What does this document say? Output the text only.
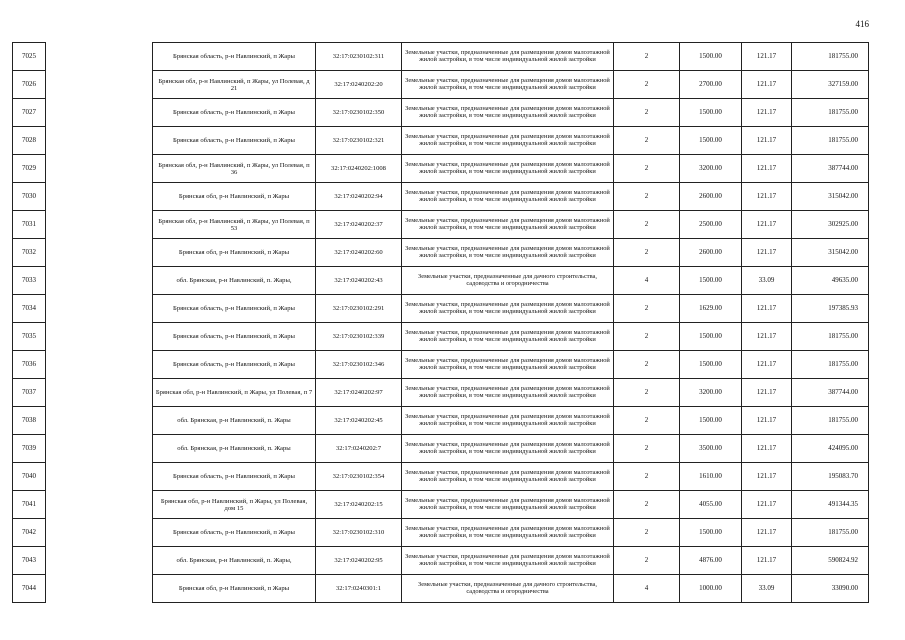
416
7025		Брянская область, р-н Навлинский, п Жары	32:17:0230102:311	Земельные участки, предназначенные для размещения домов малоэтажной жилой застройки, в том числе индивидуальной жилой застройки	2	1500.00	121.17	181755.00
7026		Брянская обл, р-н Навлинский, п Жары, ул Полевая, д 21	32:17:0240202:20	Земельные участки, предназначенные для размещения домов малоэтажной жилой застройки, в том числе индивидуальной жилой застройки	2	2700.00	121.17	327159.00
7027		Брянская область, р-н Навлинский, п Жары	32:17:0230102:350	Земельные участки, предназначенные для размещения домов малоэтажной жилой застройки, в том числе индивидуальной жилой застройки	2	1500.00	121.17	181755.00
7028		Брянская область, р-н Навлинский, п Жары	32:17:0230102:321	Земельные участки, предназначенные для размещения домов малоэтажной жилой застройки, в том числе индивидуальной жилой застройки	2	1500.00	121.17	181755.00
7029		Брянская обл, р-н Навлинский, п Жары, ул Полевая, п 36	32:17:0240202:1008	Земельные участки, предназначенные для размещения домов малоэтажной жилой застройки, в том числе индивидуальной жилой застройки	2	3200.00	121.17	387744.00
7030		Брянская обл, р-н Навлинский, п Жары	32:17:0240202:94	Земельные участки, предназначенные для размещения домов малоэтажной жилой застройки, в том числе индивидуальной жилой застройки	2	2600.00	121.17	315042.00
7031		Брянская обл, р-н Навлинский, п Жары, ул Полевая, п 53	32:17:0240202:37	Земельные участки, предназначенные для размещения домов малоэтажной жилой застройки, в том числе индивидуальной жилой застройки	2	2500.00	121.17	302925.00
7032		Брянская обл, р-н Навлинский, п Жары	32:17:0240202:60	Земельные участки, предназначенные для размещения домов малоэтажной жилой застройки, в том числе индивидуальной жилой застройки	2	2600.00	121.17	315042.00
7033		обл. Брянская, р-н Навлинский, п. Жары,	32:17:0240202:43	Земельные участки, предназначенные для дачного строительства, садоводства и огородничества	4	1500.00	33.09	49635.00
7034		Брянская область, р-н Навлинский, п Жары	32:17:0230102:291	Земельные участки, предназначенные для размещения домов малоэтажной жилой застройки, в том числе индивидуальной жилой застройки	2	1629.00	121.17	197385.93
7035		Брянская область, р-н Навлинский, п Жары	32:17:0230102:339	Земельные участки, предназначенные для размещения домов малоэтажной жилой застройки, в том числе индивидуальной жилой застройки	2	1500.00	121.17	181755.00
7036		Брянская область, р-н Навлинский, п Жары	32:17:0230102:346	Земельные участки, предназначенные для размещения домов малоэтажной жилой застройки, в том числе индивидуальной жилой застройки	2	1500.00	121.17	181755.00
7037		Брянская обл, р-н Навлинский, п Жары, ул Полевая, п 7	32:17:0240202:97	Земельные участки, предназначенные для размещения домов малоэтажной жилой застройки, в том числе индивидуальной жилой застройки	2	3200.00	121.17	387744.00
7038		обл. Брянская, р-н Навлинский, п. Жары	32:17:0240202:45	Земельные участки, предназначенные для размещения домов малоэтажной жилой застройки, в том числе индивидуальной жилой застройки	2	1500.00	121.17	181755.00
7039		обл. Брянская, р-н Навлинский, п. Жары	32:17:0240202:7	Земельные участки, предназначенные для размещения домов малоэтажной жилой застройки, в том числе индивидуальной жилой застройки	2	3500.00	121.17	424095.00
7040		Брянская область, р-н Навлинский, п Жары	32:17:0230102:354	Земельные участки, предназначенные для размещения домов малоэтажной жилой застройки, в том числе индивидуальной жилой застройки	2	1610.00	121.17	195083.70
7041		Брянская обл, р-н Навлинский, п Жары, ул Полевая, дом 15	32:17:0240202:15	Земельные участки, предназначенные для размещения домов малоэтажной жилой застройки, в том числе индивидуальной жилой застройки	2	4055.00	121.17	491344.35
7042		Брянская область, р-н Навлинский, п Жары	32:17:0230102:310	Земельные участки, предназначенные для размещения домов малоэтажной жилой застройки, в том числе индивидуальной жилой застройки	2	1500.00	121.17	181755.00
7043		обл. Брянская, р-н Навлинский, п. Жары,	32:17:0240202:95	Земельные участки, предназначенные для размещения домов малоэтажной жилой застройки, в том числе индивидуальной жилой застройки	2	4876.00	121.17	590824.92
7044		Брянская обл, р-н Навлинский, п Жары	32:17:0240301:1	Земельные участки, предназначенные для дачного строительства, садоводства и огородничества	4	1000.00	33.09	33090.00
